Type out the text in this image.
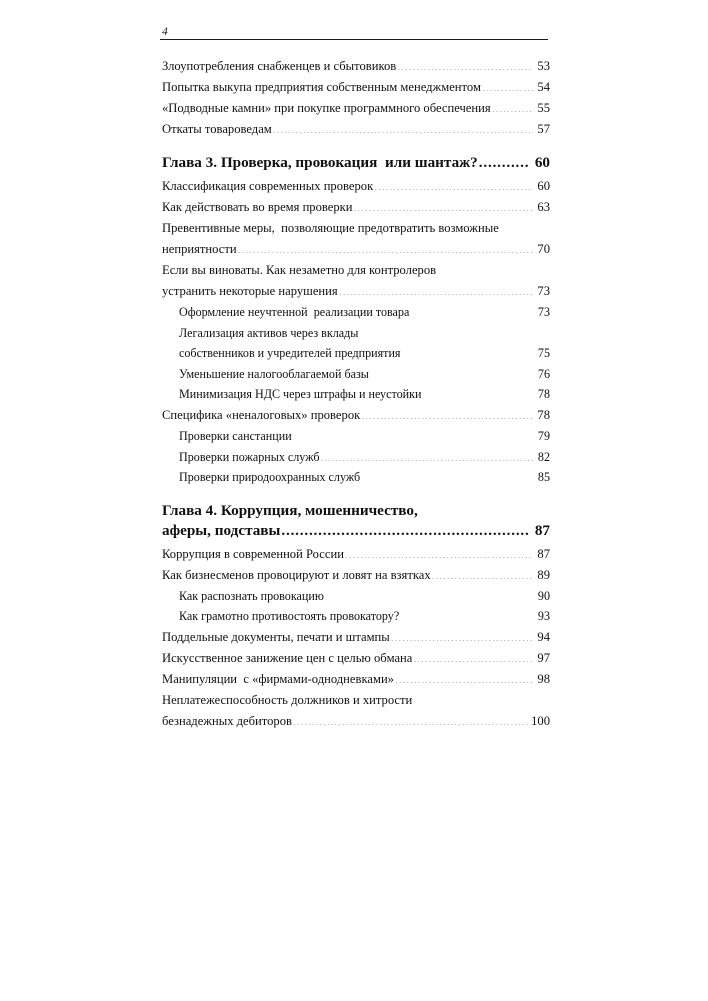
4
Злоупотребления снабженцев и сбытовиков .....	53
Попытка выкупа предприятия собственным менеджментом .....	54
«Подводные камни» при покупке программного обеспечения .....	55
Откаты товароведам .....	57
Глава 3. Проверка, провокация  или шантаж? .....	60
Классификация современных проверок .....	60
Как действовать во время проверки .....	63
Превентивные меры,  позволяющие предотвратить возможные
неприятности .....	70
Если вы виноваты. Как незаметно для контролеров
устранить некоторые нарушения .....	73
Оформление неучтенной  реализации товара .....	73
Легализация активов через вклады
собственников и учредителей предприятия .....	75
Уменьшение налогооблагаемой базы .....	76
Минимизация НДС через штрафы и неустойки .....	78
Специфика «неналоговых» проверок .....	78
Проверки санстанции .....	79
Проверки пожарных служб .....	82
Проверки природоохранных служб .....	85
Глава 4. Коррупция, мошенничество,
аферы, подставы .....	87
Коррупция в современной России .....	87
Как бизнесменов провоцируют и ловят на взятках .....	89
Как распознать провокацию .....	90
Как грамотно противостоять провокатору? .....	93
Поддельные документы, печати и штампы .....	94
Искусственное занижение цен с целью обмана .....	97
Манипуляции  с «фирмами-однодневками» .....	98
Неплатежеспособность должников и хитрости
безнадежных дебиторов .....	100
